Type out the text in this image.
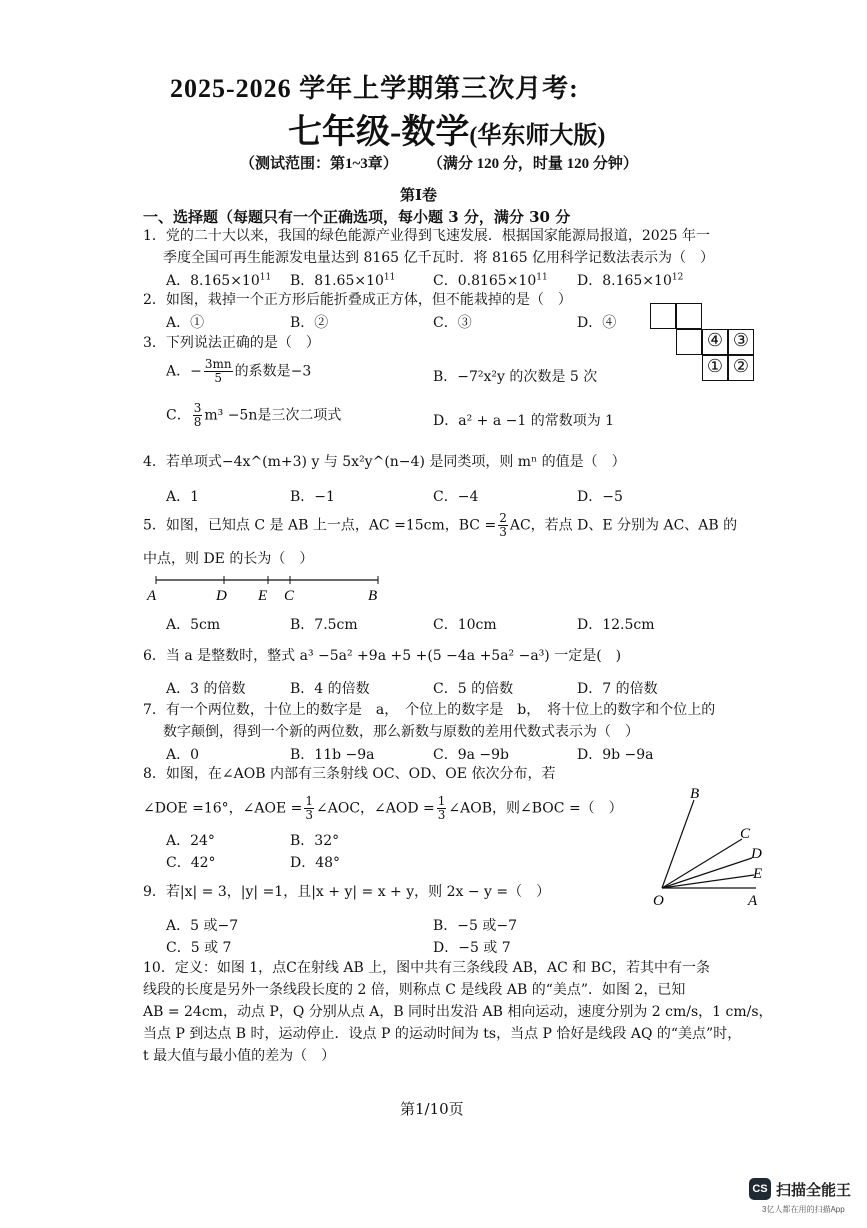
2025-2026 学年上学期第三次月考:
七年级-数学(华东师大版)
（测试范围：第1~3章） （满分 120 分，时量 120 分钟）
第Ⅰ卷
一、选择题（每题只有一个正确选项，每小题 3 分，满分 30 分
1．党的二十大以来，我国的绿色能源产业得到飞速发展．根据国家能源局报道，2025 年一
季度全国可再生能源发电量达到 8165 亿千瓦时．将 8165 亿用科学记数法表示为（　）
A．$8.165\times 10^{11}$ B．$81.65\times 10^{11}$	C．$0.8165\times 10^{11}$ D．$8.165\times 10^{12}$
2．如图，栽掉一个正方形后能折叠成正方体，但不能栽掉的是（　）
A．①	B．②	C．③	D．④
④ ③
① ②
3．下列说法正确的是（　）
A．− $\frac{3mn}{5}$ 的系数是−3	B．−7²x²y 的次数是 5 次
C． $\frac{3}{8} m^3 -5n$是三次二项式	D．a² + a −1 的常数项为 1
4．若单项式−4x^(m+3) y 与 5x²y^(n−4) 是同类项，则 mⁿ 的值是（　）
A．1	B．−1	C．−4	D．−5
5．如图，已知点 C 是 AB 上一点，AC =15cm，BC = $\frac{2}{3}$ AC，若点 D、E 分别为 AC、AB 的
中点，则 DE 的长为（　）
A	D E C	B
A．5cm	B．7.5cm	C．10cm	D．12.5cm
6．当 a 是整数时，整式 a³ −5a² +9a +5 +(5 −4a +5a² −a³) 一定是(　)
A．3 的倍数	B．4 的倍数	C．5 的倍数	D．7 的倍数
7．有一个两位数，十位上的数字是　a，　个位上的数字是　b，　将十位上的数字和个位上的
数字颠倒，得到一个新的两位数，那么新数与原数的差用代数式表示为（　）
A．0	B．11b −9a	C．9a −9b	D．9b −9a
8．如图，在∠AOB 内部有三条射线 OC、OD、OE 依次分布，若
∠DOE =16°，∠AOE = $\frac{1}{3}$ ∠AOC，∠AOD = $\frac{1}{3}$ ∠AOB，则∠BOC =（　）
A．24°	B．32°
C．42°	D．48°
B
C
D
E
O	A
9．若|x| = 3，|y| =1，且|x + y| = x + y，则 2x − y =（　）
A．5 或−7	B．−5 或−7
C．5 或 7	D．−5 或 7
10．定义：如图 1，点C在射线 AB 上，图中共有三条线段 AB，AC 和 BC，若其中有一条
线段的长度是另外一条线段长度的 2 倍，则称点 C 是线段 AB 的“美点”．如图 2，已知
AB = 24cm，动点 P，Q 分别从点 A，B 同时出发沿 AB 相向运动，速度分别为 2 cm/s，1 cm/s，
当点 P 到达点 B 时，运动停止．设点 P 的运动时间为 ts，当点 P 恰好是线段 AQ 的“美点”时，
t 最大值与最小值的差为（　）
第1/10页
CS 扫描全能王
3亿人都在用的扫描App
